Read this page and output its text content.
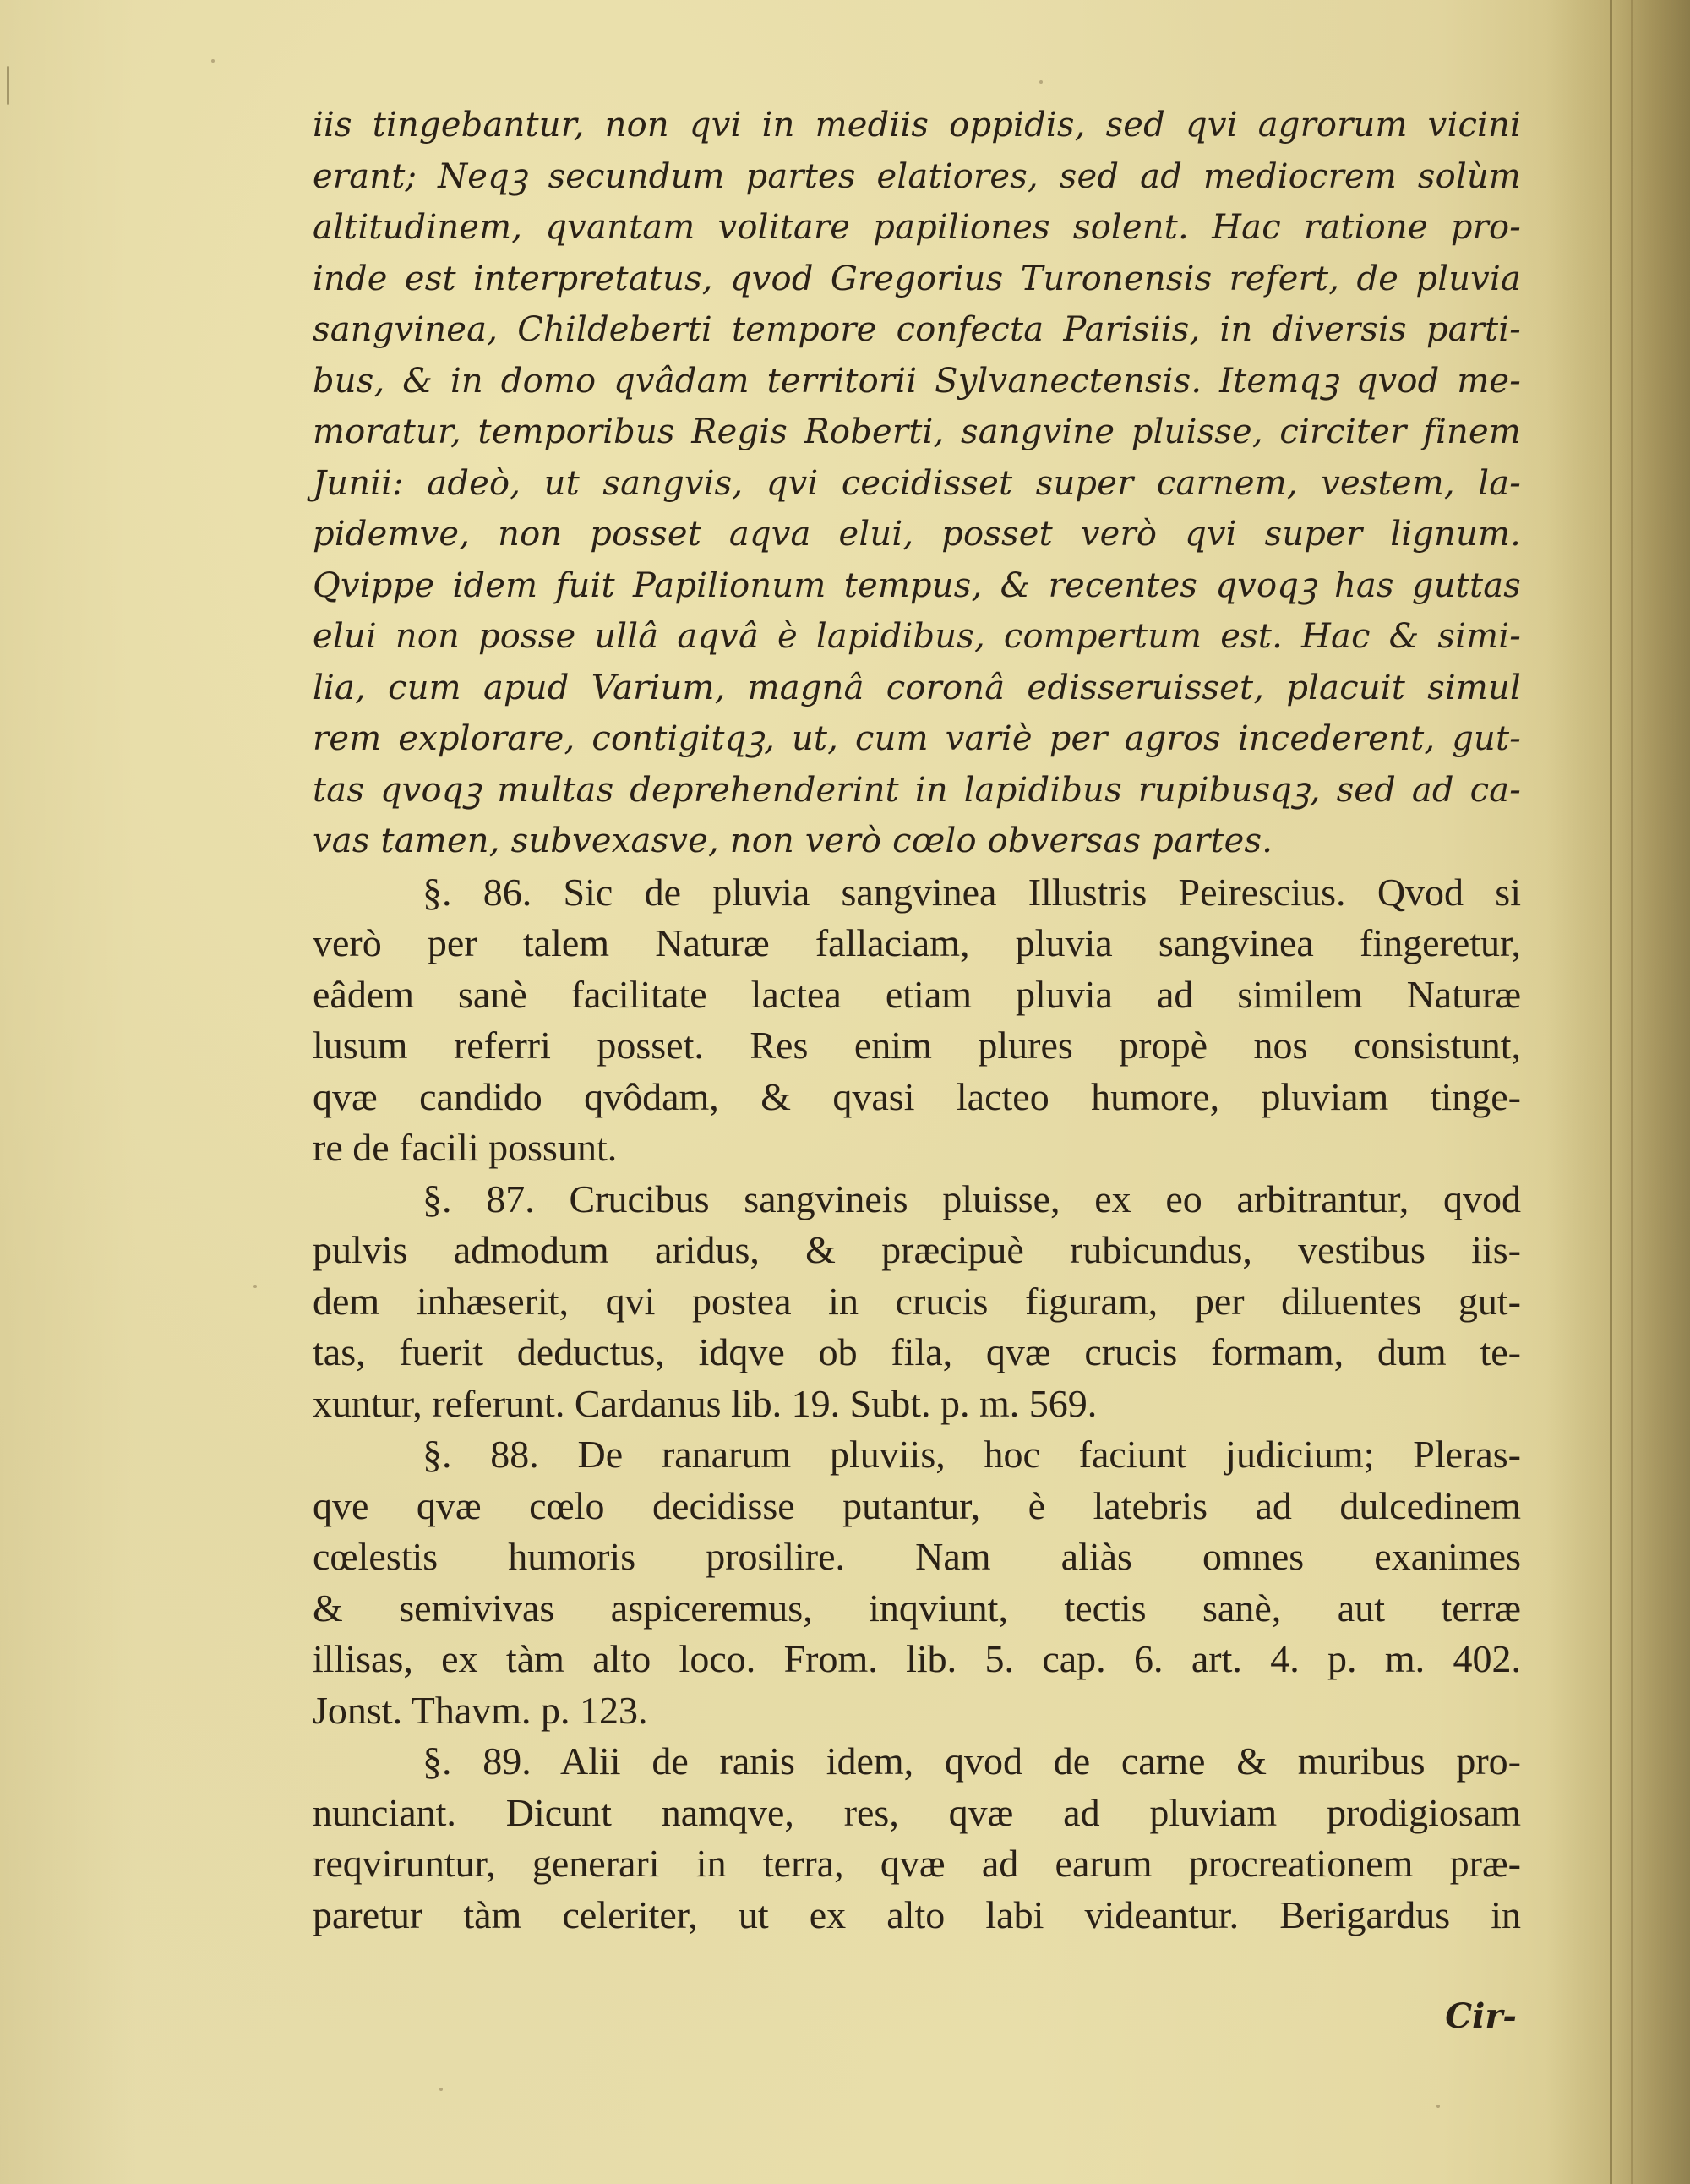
iis tingebantur, non qvi in mediis oppidis, sed qvi agrorum vicini
erant; Neqꝫ secundum partes elatiores, sed ad mediocrem solùm
altitudinem, qvantam volitare papiliones solent. Hac ratione pro-
inde est interpretatus, qvod Gregorius Turonensis refert, de pluvia
sangvinea, Childeberti tempore confecta Parisiis, in diversis parti-
bus, & in domo qvâdam territorii Sylvanectensis. Itemqꝫ qvod me-
moratur, temporibus Regis Roberti, sangvine pluisse, circiter finem
Junii: adeò, ut sangvis, qvi cecidisset super carnem, vestem, la-
pidemve, non posset aqva elui, posset verò qvi super lignum.
Qvippe idem fuit Papilionum tempus, & recentes qvoqꝫ has guttas
elui non posse ullâ aqvâ è lapidibus, compertum est. Hac & simi-
lia, cum apud Varium, magnâ coronâ edisseruisset, placuit simul
rem explorare, contigitqꝫ, ut, cum variè per agros incederent, gut-
tas qvoqꝫ multas deprehenderint in lapidibus rupibusqꝫ, sed ad ca-
vas tamen, subvexasve, non verò cœlo obversas partes.
§. 86. Sic de pluvia sangvinea Illustris Peirescius. Qvod si
verò per talem Naturæ fallaciam, pluvia sangvinea fingeretur,
eâdem sanè facilitate lactea etiam pluvia ad similem Naturæ
lusum referri posset. Res enim plures propè nos consistunt,
qvæ candido qvôdam, & qvasi lacteo humore, pluviam tinge-
re de facili possunt.
§. 87. Crucibus sangvineis pluisse, ex eo arbitrantur, qvod
pulvis admodum aridus, & præcipuè rubicundus, vestibus iis-
dem inhæserit, qvi postea in crucis figuram, per diluentes gut-
tas, fuerit deductus, idqve ob fila, qvæ crucis formam, dum te-
xuntur, referunt. Cardanus lib. 19. Subt. p. m. 569.
§. 88. De ranarum pluviis, hoc faciunt judicium; Pleras-
qve qvæ cœlo decidisse putantur, è latebris ad dulcedinem
cœlestis humoris prosilire. Nam aliàs omnes exanimes
& semivivas aspiceremus, inqviunt, tectis sanè, aut terræ
illisas, ex tàm alto loco. From. lib. 5. cap. 6. art. 4. p. m. 402.
Jonst. Thavm. p. 123.
§. 89. Alii de ranis idem, qvod de carne & muribus pro-
nunciant. Dicunt namqve, res, qvæ ad pluviam prodigiosam
reqviruntur, generari in terra, qvæ ad earum procreationem præ-
paretur tàm celeriter, ut ex alto labi videantur. Berigardus in
Cir-
